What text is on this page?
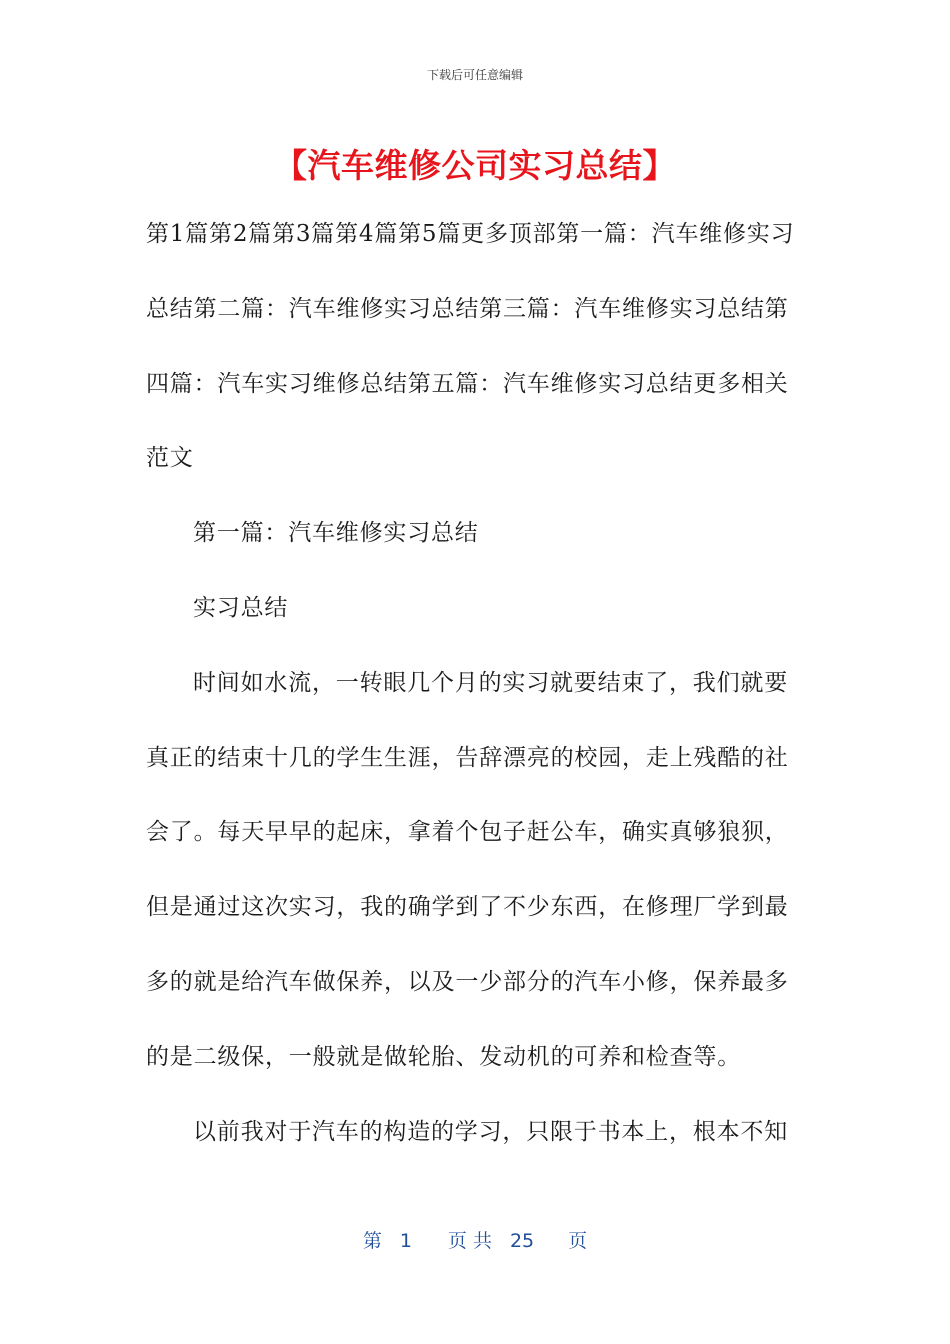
下载后可任意编辑
【汽车维修公司实习总结】

第1篇第2篇第3篇第4篇第5篇更多顶部第一篇：汽车维修实习总结第二篇：汽车维修实习总结第三篇：汽车维修实习总结第四篇：汽车实习维修总结第五篇：汽车维修实习总结更多相关范文

第一篇：汽车维修实习总结

实习总结

时间如水流，一转眼几个月的实习就要结束了，我们就要真正的结束十几的学生生涯，告辞漂亮的校园，走上残酷的社会了。每天早早的起床，拿着个包子赶公车，确实真够狼狈，但是通过这次实习，我的确学到了不少东西，在修理厂学到最多的就是给汽车做保养，以及一少部分的汽车小修，保养最多的是二级保，一般就是做轮胎、发动机的可养和检查等。

以前我对于汽车的构造的学习，只限于书本上，根本不知

第 1 页 共 25 页
